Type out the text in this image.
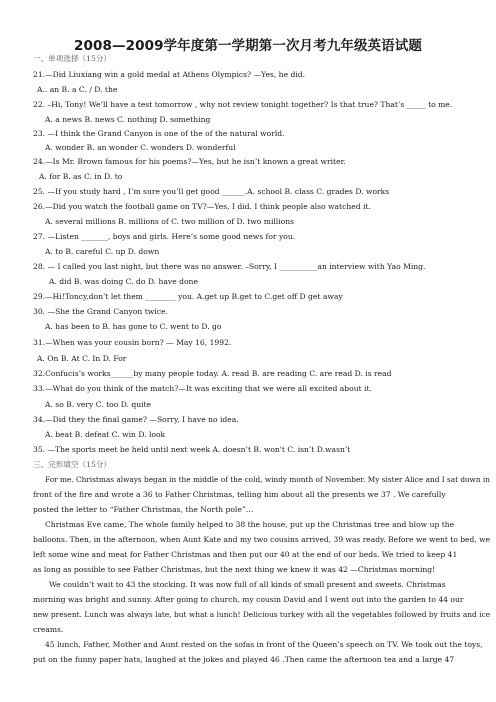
2008—2009学年度第一学期第一次月考九年级英语试题
一、单项选择（15分）
21.—Did Liuxiang win a gold medal at Athens Olympics? —Yes, he did.
A.. an B. a C. / D. the
22. –Hi, Tony! We’ll have a test tomorrow , why not review tonight together? Is that true? That’s _____ to me.
A. a news B. news C. nothing D. something
23. —I think the Grand Canyon is one of the of the natural world.
A. wonder B. an wonder C. wonders D. wonderful
24.—Is Mr. Brown famous for his poems?—Yes, but he isn’t known a great writer.
A. for B. as C. in D. to
25. —If you study hard , I’m sure you’ll get good ______.A. school B. class C. grades D. works
26.—Did you watch the football game on TV?—Yes, I did. I think people also watched it.
A. several millions B. millions of C. two million of D. two millions
27. —Listen _______, boys and girls. Here’s some good news for you.
A. to B. careful C. up D. down
28. — I called you last night, but there was no answer. –Sorry, I __________an interview with Yao Ming.
A. did B. was doing C. do D. have done
29.—Hi!Toncy,don’t let them ________ you. A.get up B.get to C.get off D get away
30. —She the Grand Canyon twice.
A. has been to B. has gone to C. went to D. go
31.—When was your cousin born? — May 16, 1992.
A. On B. At C. In D. For
32.Confucis’s works______by many people today. A. read B. are reading C. are read D. is read
33.—What do you think of the match?—It was exciting that we were all excited about it.
A. so B. very C. too D. quite
34.—Did they the final game? —Sorry, I have no idea.
A. beat B. defeat C. win D. look
35. —The sports meet be held until next week A. doesn’t B. won't C. isn’t D.wasn’t
三、完形填空（15分）
For me, Christmas always began in the middle of the cold, windy month of November. My sister Alice and I sat down in
front of the fire and wrote a 36 to Father Christmas, telling him about all the presents we 37 . We carefully
posted the letter to “Father Christmas, the North pole”…
Christmas Eve came, The whole family helped to 38 the house, put up the Christmas tree and blow up the
balloons. Then, in the afternoon, when Aunt Kate and my two cousins arrived, 39 was ready. Before we went to bed, we
left some wine and meat for Father Christmas and then put our 40 at the end of our beds. We tried to keep 41
as long as possible to see Father Christmas, but the next thing we knew it was 42 —Christmas morning!
We couldn’t wait to 43 the stocking. It was now full of all kinds of small present and sweets. Christmas
morning was bright and sunny. After going to church, my cousin David and I went out into the garden to 44 our
new present. Lunch was always late, but what a lunch! Delicious turkey with all the vegetables followed by fruits and ice
creams.
45 lunch, Father, Mother and Aunt rested on the sofas in front of the Queen’s speech on TV. We took out the toys,
put on the funny paper hats, laughed at the jokes and played 46 .Then came the afternoon tea and a large 47
